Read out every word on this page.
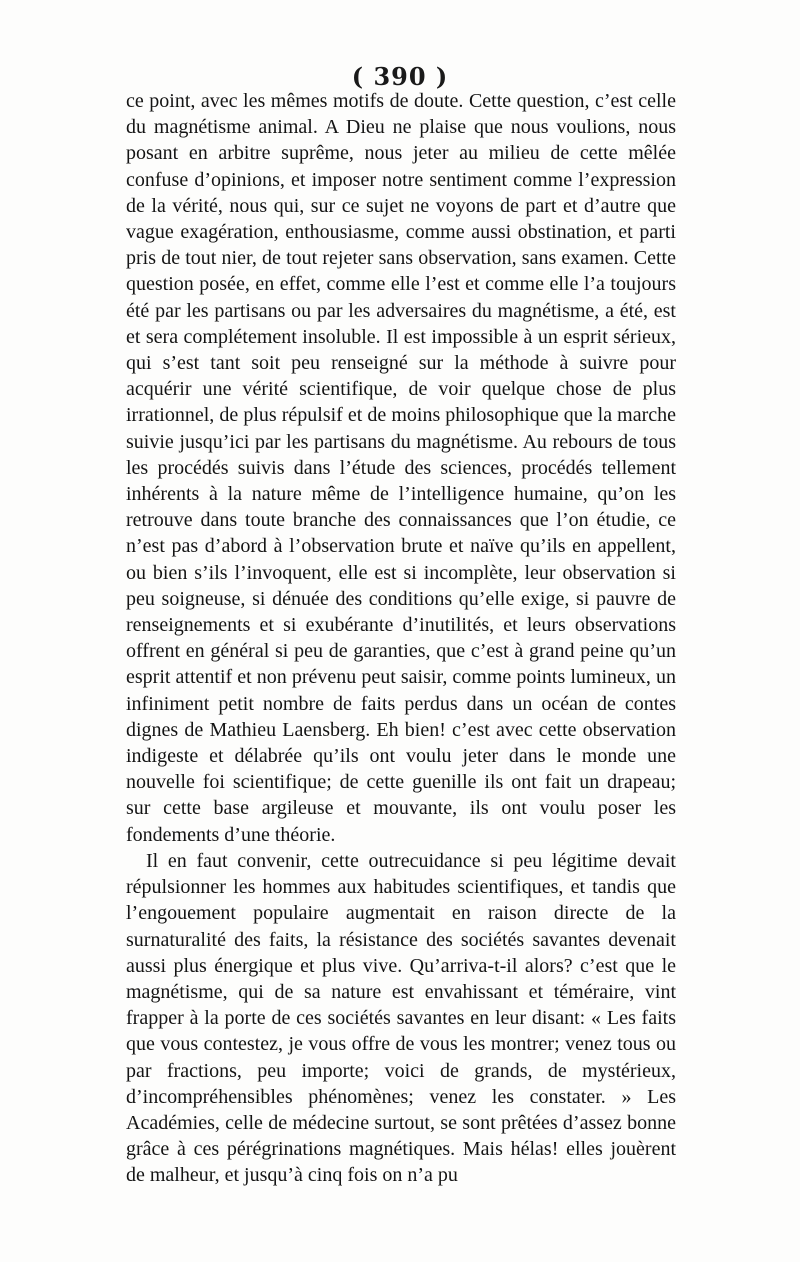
( 390 )

ce point, avec les mêmes motifs de doute. Cette question, c’est celle du magnétisme animal. A Dieu ne plaise que nous voulions, nous posant en arbitre suprême, nous jeter au milieu de cette mêlée confuse d’opinions, et imposer notre sentiment comme l’expression de la vérité, nous qui, sur ce sujet ne voyons de part et d’autre que vague exagération, enthousiasme, comme aussi obstination, et parti pris de tout nier, de tout rejeter sans observation, sans examen. Cette question posée, en effet, comme elle l’est et comme elle l’a toujours été par les partisans ou par les adversaires du magnétisme, a été, est et sera complétement insoluble. Il est impossible à un esprit sérieux, qui s’est tant soit peu renseigné sur la méthode à suivre pour acquérir une vérité scientifique, de voir quelque chose de plus irrationnel, de plus répulsif et de moins philosophique que la marche suivie jusqu’ici par les partisans du magnétisme. Au rebours de tous les procédés suivis dans l’étude des sciences, procédés tellement inhérents à la nature même de l’intelligence humaine, qu’on les retrouve dans toute branche des connaissances que l’on étudie, ce n’est pas d’abord à l’observation brute et naïve qu’ils en appellent, ou bien s’ils l’invoquent, elle est si incomplète, leur observation si peu soigneuse, si dénuée des conditions qu’elle exige, si pauvre de renseignements et si exubérante d’inutilités, et leurs observations offrent en général si peu de garanties, que c’est à grand peine qu’un esprit attentif et non prévenu peut saisir, comme points lumineux, un infiniment petit nombre de faits perdus dans un océan de contes dignes de Mathieu Laensberg. Eh bien! c’est avec cette observation indigeste et délabrée qu’ils ont voulu jeter dans le monde une nouvelle foi scientifique; de cette guenille ils ont fait un drapeau; sur cette base argileuse et mouvante, ils ont voulu poser les fondements d’une théorie.

Il en faut convenir, cette outrecuidance si peu légitime devait répulsionner les hommes aux habitudes scientifiques, et tandis que l’engouement populaire augmentait en raison directe de la surnaturalité des faits, la résistance des sociétés savantes devenait aussi plus énergique et plus vive. Qu’arriva-t-il alors? c’est que le magnétisme, qui de sa nature est envahissant et téméraire, vint frapper à la porte de ces sociétés savantes en leur disant: « Les faits que vous contestez, je vous offre de vous les montrer; venez tous ou par fractions, peu importe; voici de grands, de mystérieux, d’incompréhensibles phénomènes; venez les constater. » Les Académies, celle de médecine surtout, se sont prêtées d’assez bonne grâce à ces pérégrinations magnétiques. Mais hélas! elles jouèrent de malheur, et jusqu’à cinq fois on n’a pu
